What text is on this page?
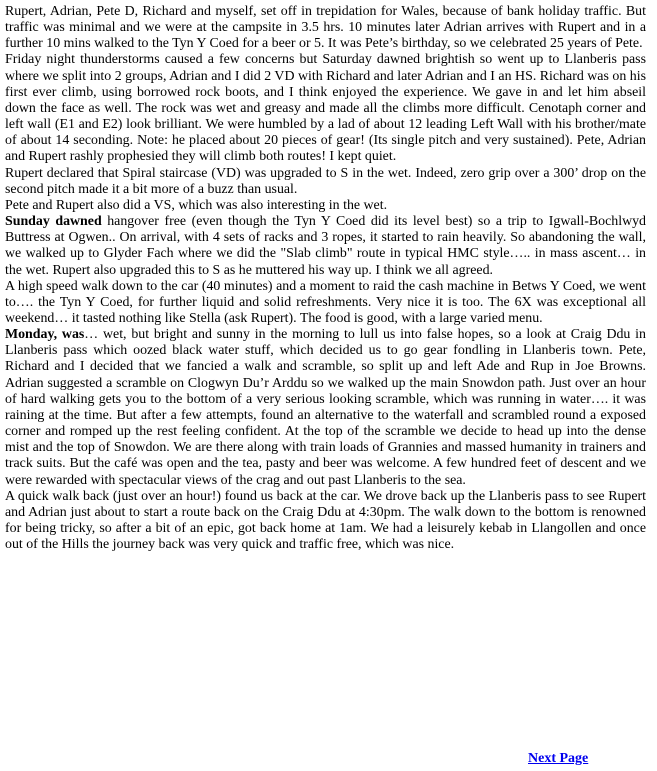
Rupert, Adrian, Pete D, Richard and myself, set off in trepidation for Wales, because of bank holiday traffic. But traffic was minimal and we were at the campsite in 3.5 hrs. 10 minutes later Adrian arrives with Rupert and in a further 10 mins walked to the Tyn Y Coed for a beer or 5. It was Pete’s birthday, so we celebrated 25 years of Pete.

Friday night thunderstorms caused a few concerns but Saturday dawned brightish so went up to Llanberis pass where we split into 2 groups, Adrian and I did 2 VD with Richard and later Adrian and I an HS. Richard was on his first ever climb, using borrowed rock boots, and I think enjoyed the experience. We gave in and let him abseil down the face as well. The rock was wet and greasy and made all the climbs more difficult. Cenotaph corner and left wall (E1 and E2) look brilliant. We were humbled by a lad of about 12 leading Left Wall with his brother/mate of about 14 seconding. Note: he placed about 20 pieces of gear! (Its single pitch and very sustained). Pete, Adrian and Rupert rashly prophesied they will climb both routes! I kept quiet.

Rupert declared that Spiral staircase (VD) was upgraded to S in the wet. Indeed, zero grip over a 300’ drop on the second pitch made it a bit more of a buzz than usual.

Pete and Rupert also did a VS, which was also interesting in the wet.

Sunday dawned hangover free (even though the Tyn Y Coed did its level best) so a trip to Igwall-Bochlwyd Buttress at Ogwen.. On arrival, with 4 sets of racks and 3 ropes, it started to rain heavily. So abandoning the wall, we walked up to Glyder Fach where we did the "Slab climb" route in typical HMC style….. in mass ascent… in the wet. Rupert also upgraded this to S as he muttered his way up. I think we all agreed.

A high speed walk down to the car (40 minutes) and a moment to raid the cash machine in Betws Y Coed, we went to…. the Tyn Y Coed, for further liquid and solid refreshments. Very nice it is too. The 6X was exceptional all weekend… it tasted nothing like Stella (ask Rupert). The food is good, with a large varied menu.

Monday, was… wet, but bright and sunny in the morning to lull us into false hopes, so a look at Craig Ddu in Llanberis pass which oozed black water stuff, which decided us to go gear fondling in Llanberis town. Pete, Richard and I decided that we fancied a walk and scramble, so split up and left Ade and Rup in Joe Browns. Adrian suggested a scramble on Clogwyn Du’r Arddu so we walked up the main Snowdon path. Just over an hour of hard walking gets you to the bottom of a very serious looking scramble, which was running in water…. it was raining at the time. But after a few attempts, found an alternative to the waterfall and scrambled round a exposed corner and romped up the rest feeling confident. At the top of the scramble we decide to head up into the dense mist and the top of Snowdon. We are there along with train loads of Grannies and massed humanity in trainers and track suits. But the café was open and the tea, pasty and beer was welcome. A few hundred feet of descent and we were rewarded with spectacular views of the crag and out past Llanberis to the sea.

A quick walk back (just over an hour!) found us back at the car. We drove back up the Llanberis pass to see Rupert and Adrian just about to start a route back on the Craig Ddu at 4:30pm. The walk down to the bottom is renowned for being tricky, so after a bit of an epic, got back home at 1am. We had a leisurely kebab in Llangollen and once out of the Hills the journey back was very quick and traffic free, which was nice.

Next Page
